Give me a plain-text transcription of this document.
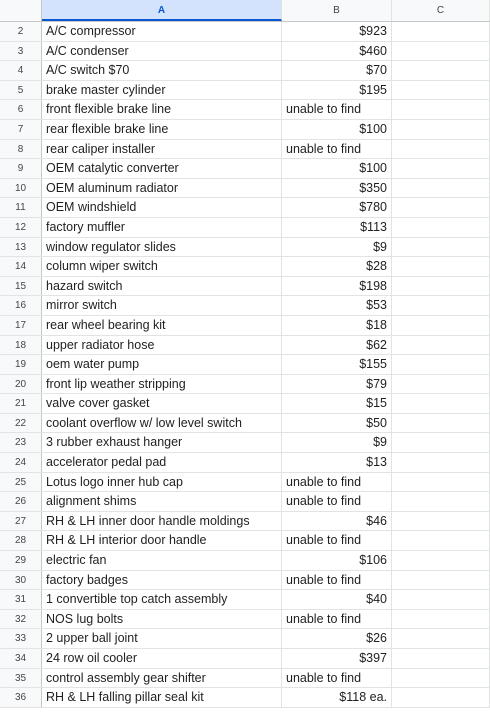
A	B	C
2	A/C compressor	$923
3	A/C condenser	$460
4	A/C switch $70	$70
5	brake master cylinder	$195
6	front flexible brake line	unable to find
7	rear flexible brake line	$100
8	rear caliper installer	unable to find
9	OEM catalytic converter	$100
10	OEM aluminum radiator	$350
11	OEM windshield	$780
12	factory muffler	$113
13	window regulator slides	$9
14	column wiper switch	$28
15	hazard switch	$198
16	mirror switch	$53
17	rear wheel bearing kit	$18
18	upper radiator hose	$62
19	oem water pump	$155
20	front lip weather stripping	$79
21	valve cover gasket	$15
22	coolant overflow w/ low level switch	$50
23	3 rubber exhaust hanger	$9
24	accelerator pedal pad	$13
25	Lotus logo inner hub cap	unable to find
26	alignment shims	unable to find
27	RH & LH inner door handle moldings	$46
28	RH & LH interior door handle	unable to find
29	electric fan	$106
30	factory badges	unable to find
31	1 convertible top catch assembly	$40
32	NOS lug bolts	unable to find
33	2 upper ball joint	$26
34	24 row oil cooler	$397
35	control assembly gear shifter	unable to find
36	RH & LH falling pillar seal kit	$118 ea.
